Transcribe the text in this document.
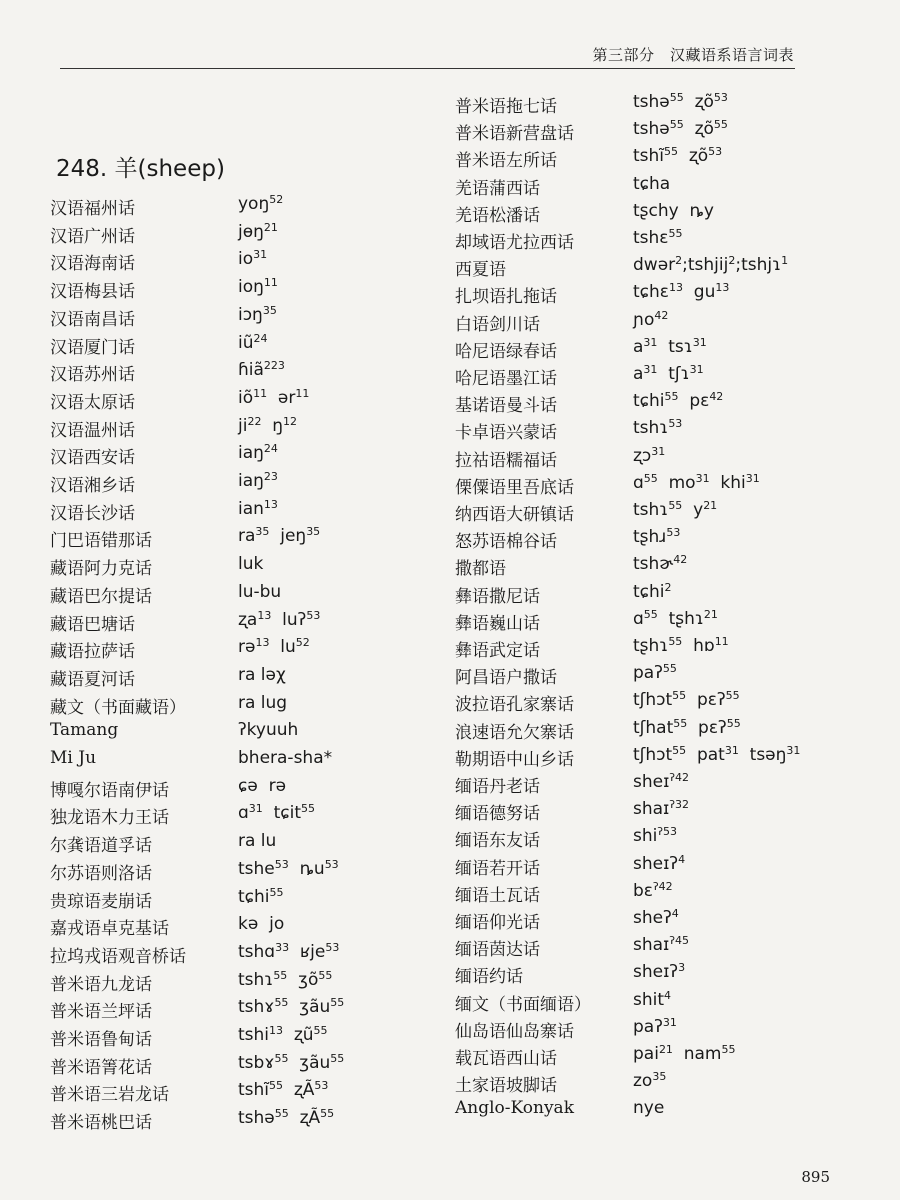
第三部分　汉藏语系语言词表
248. 羊(sheep)
汉语福州话	yoŋ$^{52}$
汉语广州话	jɵŋ$^{21}$
汉语海南话	$io^{31}$
汉语梅县话	ioŋ$^{11}$
汉语南昌话	iɔŋ$^{35}$
汉语厦门话	$iũ^{24}$
汉语苏州话	ɦiã$^{223}$
汉语太原话	$iõ^{11}$  ər$^{11}$
汉语温州话	$ji^{22}$  $ŋ^{12}$
汉语西安话	iaŋ$^{24}$
汉语湘乡话	iaŋ$^{23}$
汉语长沙话	ian$^{13}$
门巴语错那话	$ra^{35}$  jeŋ$^{35}$
藏语阿力克话	luk
藏语巴尔提话	lu-bu
藏语巴塘话	ʐa$^{13}$  luʔ$^{53}$
藏语拉萨话	rə$^{13}$  $lu^{52}$
藏语夏河话	ra ləχ
藏文（书面藏语）	ra lug
Tamang	ʔkyuuh
Mi Ju	bhera-sha*
博嘎尔语南伊话	ɕə  rə
独龙语木力王话	ɑ$^{31}$  tɕit$^{55}$
尔龚语道孚话	ra lu
尔苏语则洛话	tshe$^{53}$  $ȵu^{53}$
贵琼语麦崩话	tɕhi$^{55}$
嘉戎语卓克基话	kə  jo
拉坞戎语观音桥话	tshɑ$^{33}$  ʁje$^{53}$
普米语九龙话	tshɿ$^{55}$  ʒõ$^{55}$
普米语兰坪话	tshɤ$^{55}$  ʒãu$^{55}$
普米语鲁甸话	tshi$^{13}$  ʐũ$^{55}$
普米语箐花话	tsbɤ$^{55}$  ʒãu$^{55}$
普米语三岩龙话	tshĩ$^{55}$  ʐÃ$^{53}$
普米语桃巴话	tshə$^{55}$  ʐÃ$^{55}$
普米语拖七话	tshə$^{55}$  ʐõ$^{53}$
普米语新营盘话	tshə$^{55}$  ʐõ$^{55}$
普米语左所话	tshĩ$^{55}$  ʐõ$^{53}$
羌语蒲西话	tɕha
羌语松潘话	tʂchy  ȵy
却域语尤拉西话	tshɛ$^{55}$
西夏语	dwər$^2$;tshjij$^2$;tshjɿ$^1$
扎坝语扎拖话	tɕhɛ$^{13}$  $gu^{13}$
白语剑川话	ɲo$^{42}$
哈尼语绿春话	$a^{31}$  tsɿ$^{31}$
哈尼语墨江话	$a^{31}$  tʃɿ$^{31}$
基诺语曼斗话	tɕhi$^{55}$  pɛ$^{42}$
卡卓语兴蒙话	tshɿ$^{53}$
拉祜语糯福话	ʐɔ$^{31}$
傈僳语里吾底话	ɑ$^{55}$  $mo^{31}$  khi$^{31}$
纳西语大研镇话	tshɿ$^{55}$  $y^{21}$
怒苏语棉谷话	tʂhɹ$^{53}$
撒都语	tshɚ$^{42}$
彝语撒尼话	tɕhi$^2$
彝语巍山话	ɑ$^{55}$  tʂhɿ$^{21}$
彝语武定话	tʂhɿ$^{55}$  hɒ$^{11}$
阿昌语户撒话	paʔ$^{55}$
波拉语孔家寨话	tʃhɔt$^{55}$  pɛʔ$^{55}$
浪速语允欠寨话	tʃhat$^{55}$  pɛʔ$^{55}$
勒期语中山乡话	tʃhɔt$^{55}$  pat$^{31}$  tsəŋ$^{31}$
缅语丹老话	sheɪ$^{ʔ42}$
缅语德努话	shaɪ$^{ʔ32}$
缅语东友话	shi$^{ʔ53}$
缅语若开话	sheɪʔ$^4$
缅语土瓦话	bɛ$^{ʔ42}$
缅语仰光话	sheʔ$^4$
缅语茵达话	shaɪ$^{ʔ45}$
缅语约话	sheɪʔ$^3$
缅文（书面缅语） shit$^4$
仙岛语仙岛寨话	paʔ$^{31}$
载瓦语西山话	pai$^{21}$  nam$^{55}$
土家语坡脚话	$zo^{35}$
Anglo-Konyak	nye
895
